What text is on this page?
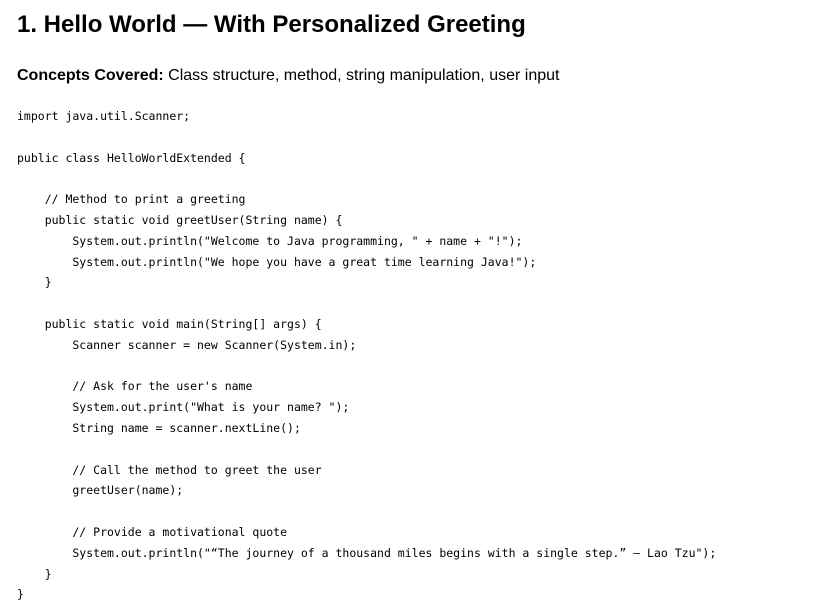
1. Hello World — With Personalized Greeting
Concepts Covered: Class structure, method, string manipulation, user input
import java.util.Scanner;
public class HelloWorldExtended {
// Method to print a greeting
public static void greetUser(String name) {
System.out.println("Welcome to Java programming, " + name + "!");
System.out.println("We hope you have a great time learning Java!");
}
public static void main(String[] args) {
Scanner scanner = new Scanner(System.in);
// Ask for the user's name
System.out.print("What is your name? ");
String name = scanner.nextLine();
// Call the method to greet the user
greetUser(name);
// Provide a motivational quote
System.out.println("“The journey of a thousand miles begins with a single step.” – Lao Tzu");
}
}
